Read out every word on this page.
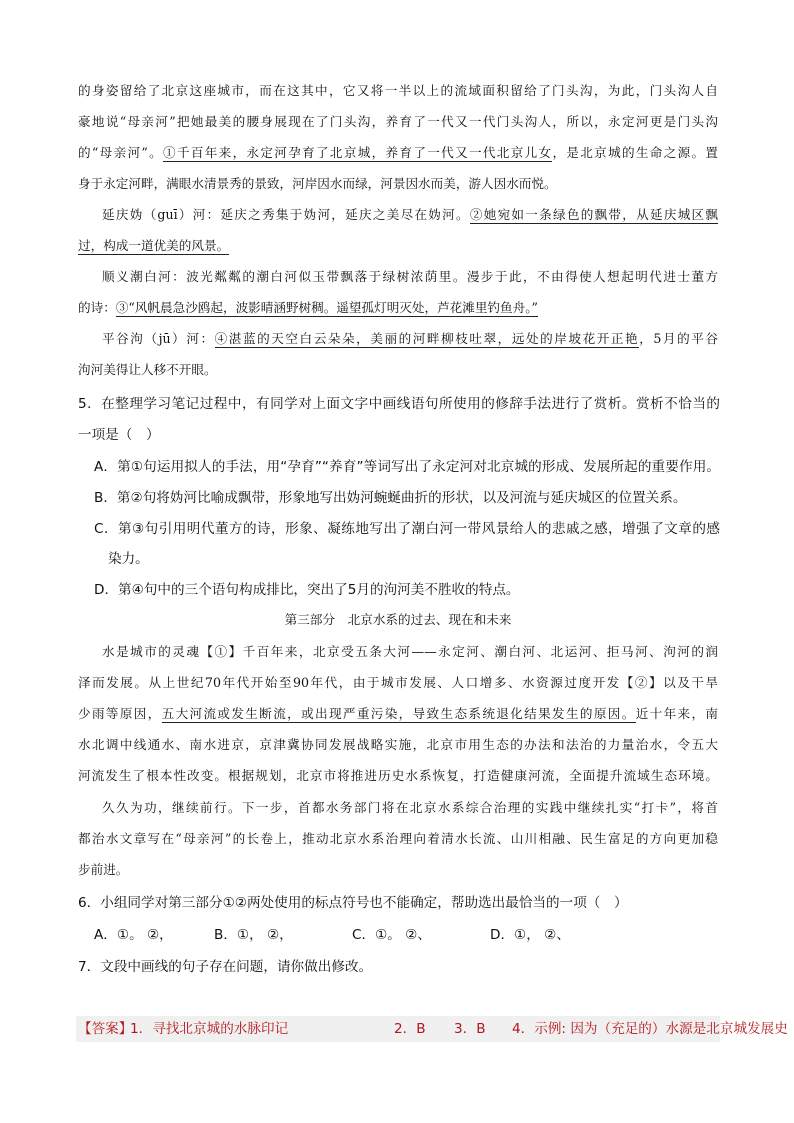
的身姿留给了北京这座城市，而在这其中，它又将一半以上的流域面积留给了门头沟，为此，门头沟人自
豪地说“母亲河”把她最美的腰身展现在了门头沟，养育了一代又一代门头沟人，所以，永定河更是门头沟
的“母亲河”。①千百年来，永定河孕育了北京城，养育了一代又一代北京儿女，是北京城的生命之源。置
身于永定河畔，满眼水清景秀的景致，河岸因水而绿，河景因水而美，游人因水而悦。
延庆妫（guī）河：延庆之秀集于妫河，延庆之美尽在妫河。②她宛如一条绿色的飘带，从延庆城区飘
过，构成一道优美的风景。
顺义潮白河：波光粼粼的潮白河似玉带飘落于绿树浓荫里。漫步于此，不由得使人想起明代进士董方
的诗：③“风帆晨急沙鸥起，波影晴涵野树稠。遥望孤灯明灭处，芦花滩里钓鱼舟。”
平谷泃（jū）河：④湛蓝的天空白云朵朵，美丽的河畔柳枝吐翠，远处的岸坡花开正艳，5月的平谷
泃河美得让人移不开眼。
5．在整理学习笔记过程中，有同学对上面文字中画线语句所使用的修辞手法进行了赏析。赏析不恰当的
一项是（　）
A．第①句运用拟人的手法，用“孕育”“养育”等词写出了永定河对北京城的形成、发展所起的重要作用。
B．第②句将妫河比喻成飘带，形象地写出妫河蜿蜒曲折的形状，以及河流与延庆城区的位置关系。
C．第③句引用明代董方的诗，形象、凝练地写出了潮白河一带风景给人的悲戚之感，增强了文章的感
染力。
D．第④句中的三个语句构成排比，突出了5月的泃河美不胜收的特点。
第三部分　北京水系的过去、现在和未来
水是城市的灵魂【①】千百年来，北京受五条大河——永定河、潮白河、北运河、拒马河、泃河的润
泽而发展。从上世纪70年代开始至90年代，由于城市发展、人口增多、水资源过度开发【②】以及干旱
少雨等原因，五大河流或发生断流，或出现严重污染，导致生态系统退化结果发生的原因。近十年来，南
水北调中线通水、南水进京，京津冀协同发展战略实施，北京市用生态的办法和法治的力量治水，令五大
河流发生了根本性改变。根据规划，北京市将推进历史水系恢复，打造健康河流，全面提升流域生态环境。
久久为功，继续前行。下一步，首都水务部门将在北京水系综合治理的实践中继续扎实“打卡”，将首
都治水文章写在“母亲河”的长卷上，推动北京水系治理向着清水长流、山川相融、民生富足的方向更加稳
步前进。
6．小组同学对第三部分①②两处使用的标点符号也不能确定，帮助选出最恰当的一项（　）
A．①。 ②，	B．①， ②，	C．①。 ②、	D．①， ②、
7．文段中画线的句子存在问题，请你做出修改。
【答案】
1．寻找北京城的水脉印记	2．B 3．B 4．示例: 因为（充足的）水源是北京城发展史
